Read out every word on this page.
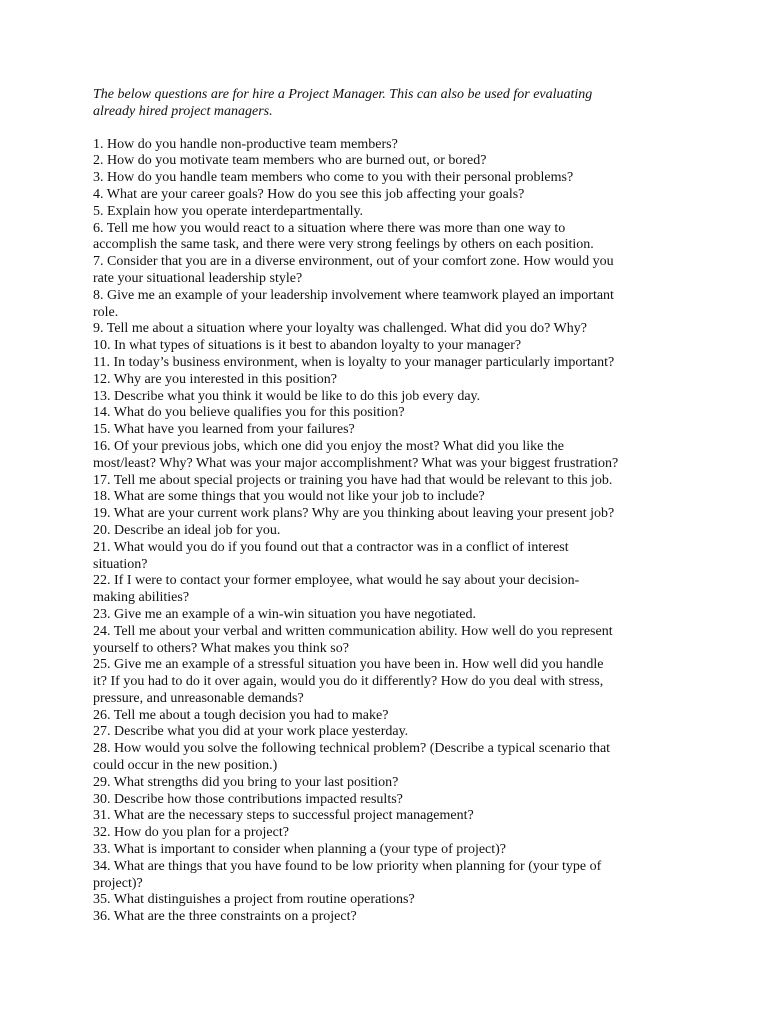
The below questions are for hire a Project Manager. This can also be used for evaluating
already hired project managers.

1. How do you handle non-productive team members?
2. How do you motivate team members who are burned out, or bored?
3. How do you handle team members who come to you with their personal problems?
4. What are your career goals? How do you see this job affecting your goals?
5. Explain how you operate interdepartmentally.
6. Tell me how you would react to a situation where there was more than one way to
accomplish the same task, and there were very strong feelings by others on each position.
7. Consider that you are in a diverse environment, out of your comfort zone. How would you
rate your situational leadership style?
8. Give me an example of your leadership involvement where teamwork played an important
role.
9. Tell me about a situation where your loyalty was challenged. What did you do? Why?
10. In what types of situations is it best to abandon loyalty to your manager?
11. In today’s business environment, when is loyalty to your manager particularly important?
12. Why are you interested in this position?
13. Describe what you think it would be like to do this job every day.
14. What do you believe qualifies you for this position?
15. What have you learned from your failures?
16. Of your previous jobs, which one did you enjoy the most? What did you like the
most/least? Why? What was your major accomplishment? What was your biggest frustration?
17. Tell me about special projects or training you have had that would be relevant to this job.
18. What are some things that you would not like your job to include?
19. What are your current work plans? Why are you thinking about leaving your present job?
20. Describe an ideal job for you.
21. What would you do if you found out that a contractor was in a conflict of interest
situation?
22. If I were to contact your former employee, what would he say about your decision-
making abilities?
23. Give me an example of a win-win situation you have negotiated.
24. Tell me about your verbal and written communication ability. How well do you represent
yourself to others? What makes you think so?
25. Give me an example of a stressful situation you have been in. How well did you handle
it? If you had to do it over again, would you do it differently? How do you deal with stress,
pressure, and unreasonable demands?
26. Tell me about a tough decision you had to make?
27. Describe what you did at your work place yesterday.
28. How would you solve the following technical problem? (Describe a typical scenario that
could occur in the new position.)
29. What strengths did you bring to your last position?
30. Describe how those contributions impacted results?
31. What are the necessary steps to successful project management?
32. How do you plan for a project?
33. What is important to consider when planning a (your type of project)?
34. What are things that you have found to be low priority when planning for (your type of
project)?
35. What distinguishes a project from routine operations?
36. What are the three constraints on a project?
